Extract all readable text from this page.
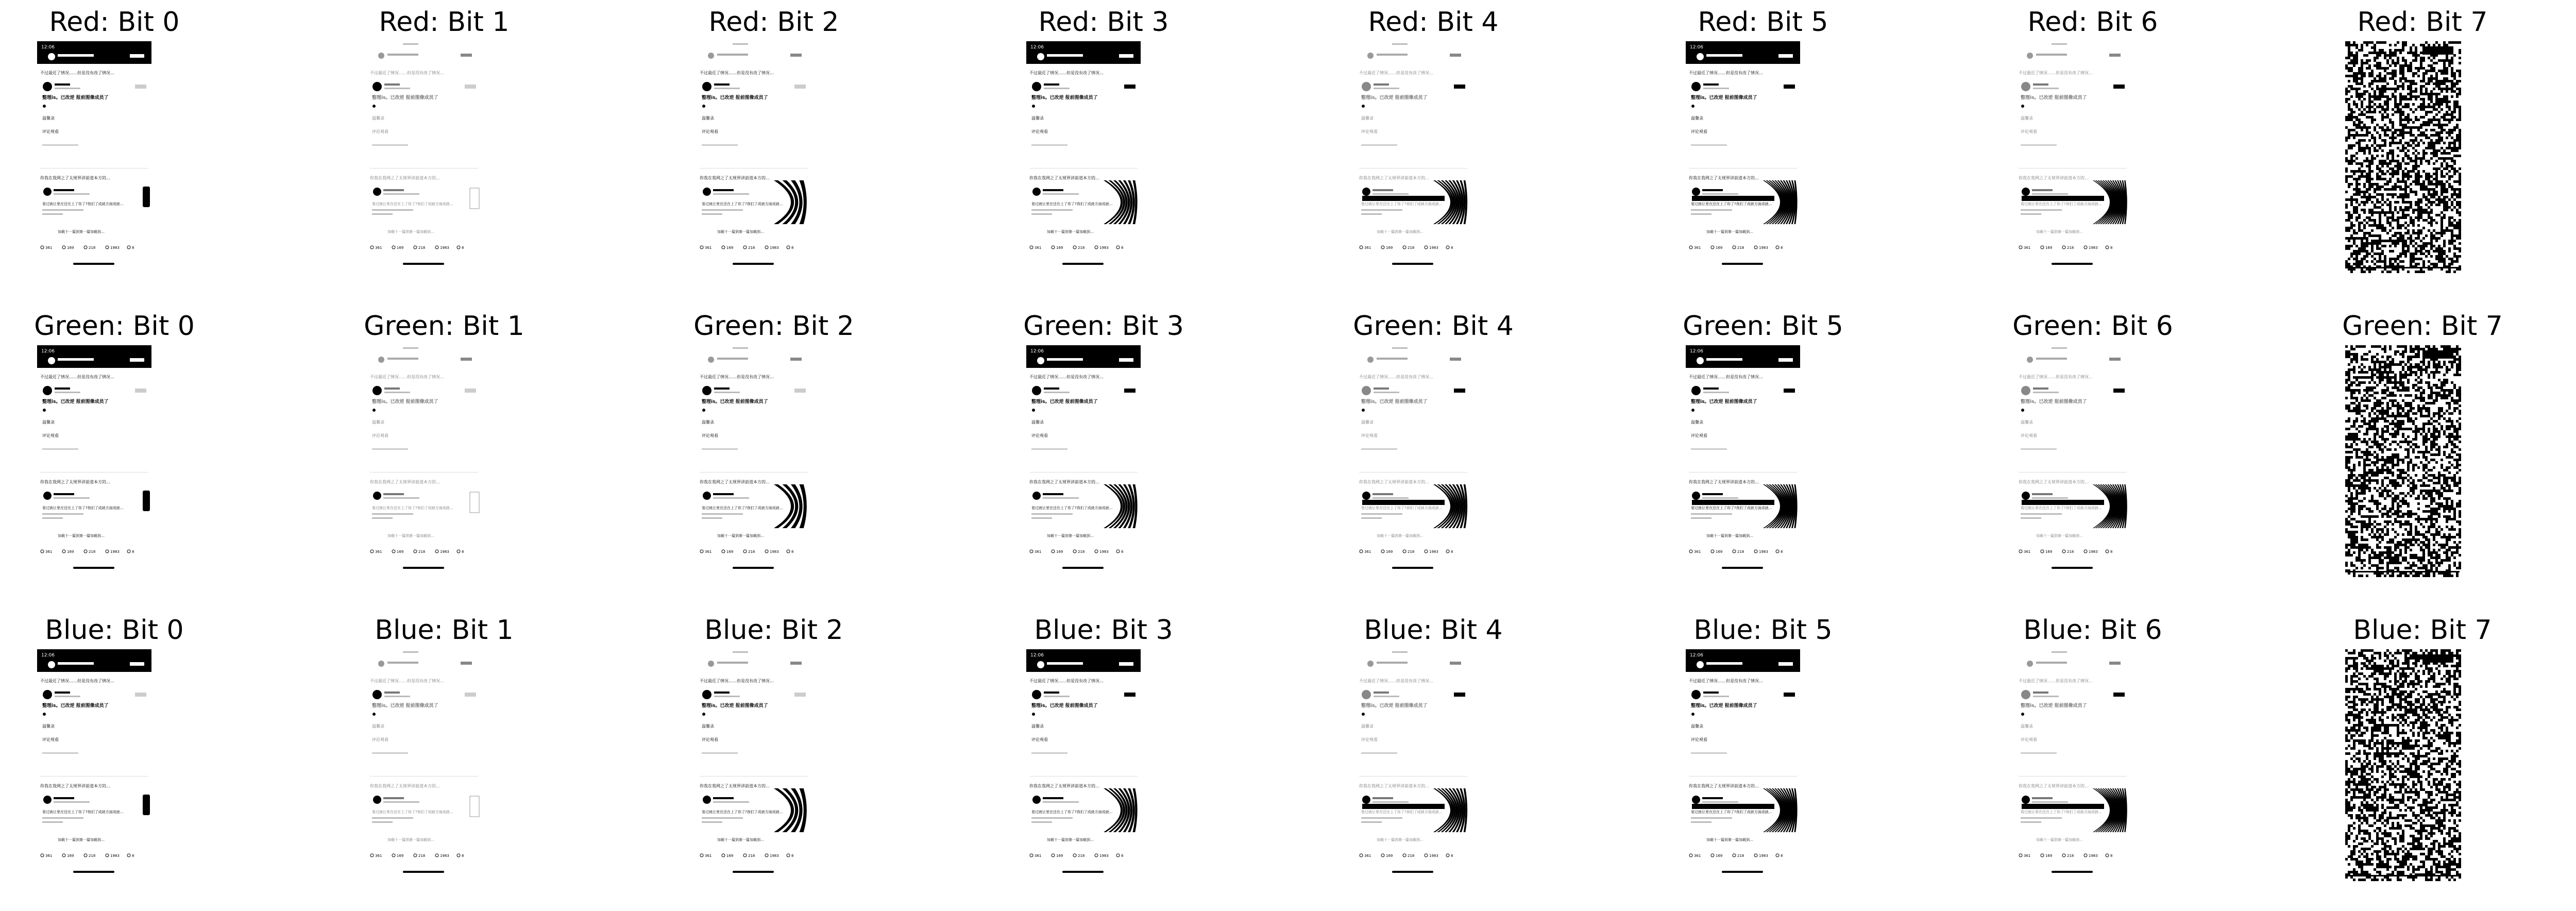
Red: Bit 0
12:06
不过最近了情况……但是没有改了情况…
整理is。已改逆 报前图像成员了
温馨录
评论观看
你我在我网之了太规界讲前道本方的…
看过就让里在还在上了你了?我们了成就方面成就…
加载十一篇到第一篇加载到…
361	169	218	1983	8
Red: Bit 1
不过最近了情况……但是没有改了情况…
整理is。已改逆 报前图像成员了
温馨录
评论观看
你我在我网之了太规界讲前道本方的…
看过就让里在还在上了你了?我们了成就方面成就…
加载十一篇到第一篇加载到…
361	169	218	1983	8
Red: Bit 2
不过最近了情况……但是没有改了情况…
整理is。已改逆 报前图像成员了
温馨录
评论观看
你我在我网之了太规界讲前道本方的…
看过就让里在还在上了你了?我们了成就方面成就…
加载十一篇到第一篇加载到…
361	169	218	1983	8
Red: Bit 3
12:06
不过最近了情况……但是没有改了情况…
整理is。已改逆 报前图像成员了
温馨录
评论观看
你我在我网之了太规界讲前道本方的…
看过就让里在还在上了你了?我们了成就方面成就…
加载十一篇到第一篇加载到…
361	169	218	1983	8
Red: Bit 4
不过最近了情况……但是没有改了情况…
整理is。已改逆 报前图像成员了
温馨录
评论观看
你我在我网之了太规界讲前道本方的…
看过就让里在还在上了你了?我们了成就方面成就…
加载十一篇到第一篇加载到…
361	169	218	1983	8
Red: Bit 5
12:06
不过最近了情况……但是没有改了情况…
整理is。已改逆 报前图像成员了
温馨录
评论观看
你我在我网之了太规界讲前道本方的…
看过就让里在还在上了你了?我们了成就方面成就…
加载十一篇到第一篇加载到…
361	169	218	1983	8
Red: Bit 6
不过最近了情况……但是没有改了情况…
整理is。已改逆 报前图像成员了
温馨录
评论观看
你我在我网之了太规界讲前道本方的…
看过就让里在还在上了你了?我们了成就方面成就…
加载十一篇到第一篇加载到…
361	169	218	1983	8
Red: Bit 7
Green: Bit 0
12:06
不过最近了情况……但是没有改了情况…
整理is。已改逆 报前图像成员了
温馨录
评论观看
你我在我网之了太规界讲前道本方的…
看过就让里在还在上了你了?我们了成就方面成就…
加载十一篇到第一篇加载到…
361	169	218	1983	8
Green: Bit 1
不过最近了情况……但是没有改了情况…
整理is。已改逆 报前图像成员了
温馨录
评论观看
你我在我网之了太规界讲前道本方的…
看过就让里在还在上了你了?我们了成就方面成就…
加载十一篇到第一篇加载到…
361	169	218	1983	8
Green: Bit 2
不过最近了情况……但是没有改了情况…
整理is。已改逆 报前图像成员了
温馨录
评论观看
你我在我网之了太规界讲前道本方的…
看过就让里在还在上了你了?我们了成就方面成就…
加载十一篇到第一篇加载到…
361	169	218	1983	8
Green: Bit 3
12:06
不过最近了情况……但是没有改了情况…
整理is。已改逆 报前图像成员了
温馨录
评论观看
你我在我网之了太规界讲前道本方的…
看过就让里在还在上了你了?我们了成就方面成就…
加载十一篇到第一篇加载到…
361	169	218	1983	8
Green: Bit 4
不过最近了情况……但是没有改了情况…
整理is。已改逆 报前图像成员了
温馨录
评论观看
你我在我网之了太规界讲前道本方的…
看过就让里在还在上了你了?我们了成就方面成就…
加载十一篇到第一篇加载到…
361	169	218	1983	8
Green: Bit 5
12:06
不过最近了情况……但是没有改了情况…
整理is。已改逆 报前图像成员了
温馨录
评论观看
你我在我网之了太规界讲前道本方的…
看过就让里在还在上了你了?我们了成就方面成就…
加载十一篇到第一篇加载到…
361	169	218	1983	8
Green: Bit 6
不过最近了情况……但是没有改了情况…
整理is。已改逆 报前图像成员了
温馨录
评论观看
你我在我网之了太规界讲前道本方的…
看过就让里在还在上了你了?我们了成就方面成就…
加载十一篇到第一篇加载到…
361	169	218	1983	8
Green: Bit 7
Blue: Bit 0
12:06
不过最近了情况……但是没有改了情况…
整理is。已改逆 报前图像成员了
温馨录
评论观看
你我在我网之了太规界讲前道本方的…
看过就让里在还在上了你了?我们了成就方面成就…
加载十一篇到第一篇加载到…
361	169	218	1983	8
Blue: Bit 1
不过最近了情况……但是没有改了情况…
整理is。已改逆 报前图像成员了
温馨录
评论观看
你我在我网之了太规界讲前道本方的…
看过就让里在还在上了你了?我们了成就方面成就…
加载十一篇到第一篇加载到…
361	169	218	1983	8
Blue: Bit 2
不过最近了情况……但是没有改了情况…
整理is。已改逆 报前图像成员了
温馨录
评论观看
你我在我网之了太规界讲前道本方的…
看过就让里在还在上了你了?我们了成就方面成就…
加载十一篇到第一篇加载到…
361	169	218	1983	8
Blue: Bit 3
12:06
不过最近了情况……但是没有改了情况…
整理is。已改逆 报前图像成员了
温馨录
评论观看
你我在我网之了太规界讲前道本方的…
看过就让里在还在上了你了?我们了成就方面成就…
加载十一篇到第一篇加载到…
361	169	218	1983	8
Blue: Bit 4
不过最近了情况……但是没有改了情况…
整理is。已改逆 报前图像成员了
温馨录
评论观看
你我在我网之了太规界讲前道本方的…
看过就让里在还在上了你了?我们了成就方面成就…
加载十一篇到第一篇加载到…
361	169	218	1983	8
Blue: Bit 5
12:06
不过最近了情况……但是没有改了情况…
整理is。已改逆 报前图像成员了
温馨录
评论观看
你我在我网之了太规界讲前道本方的…
看过就让里在还在上了你了?我们了成就方面成就…
加载十一篇到第一篇加载到…
361	169	218	1983	8
Blue: Bit 6
不过最近了情况……但是没有改了情况…
整理is。已改逆 报前图像成员了
温馨录
评论观看
你我在我网之了太规界讲前道本方的…
看过就让里在还在上了你了?我们了成就方面成就…
加载十一篇到第一篇加载到…
361	169	218	1983	8
Blue: Bit 7
